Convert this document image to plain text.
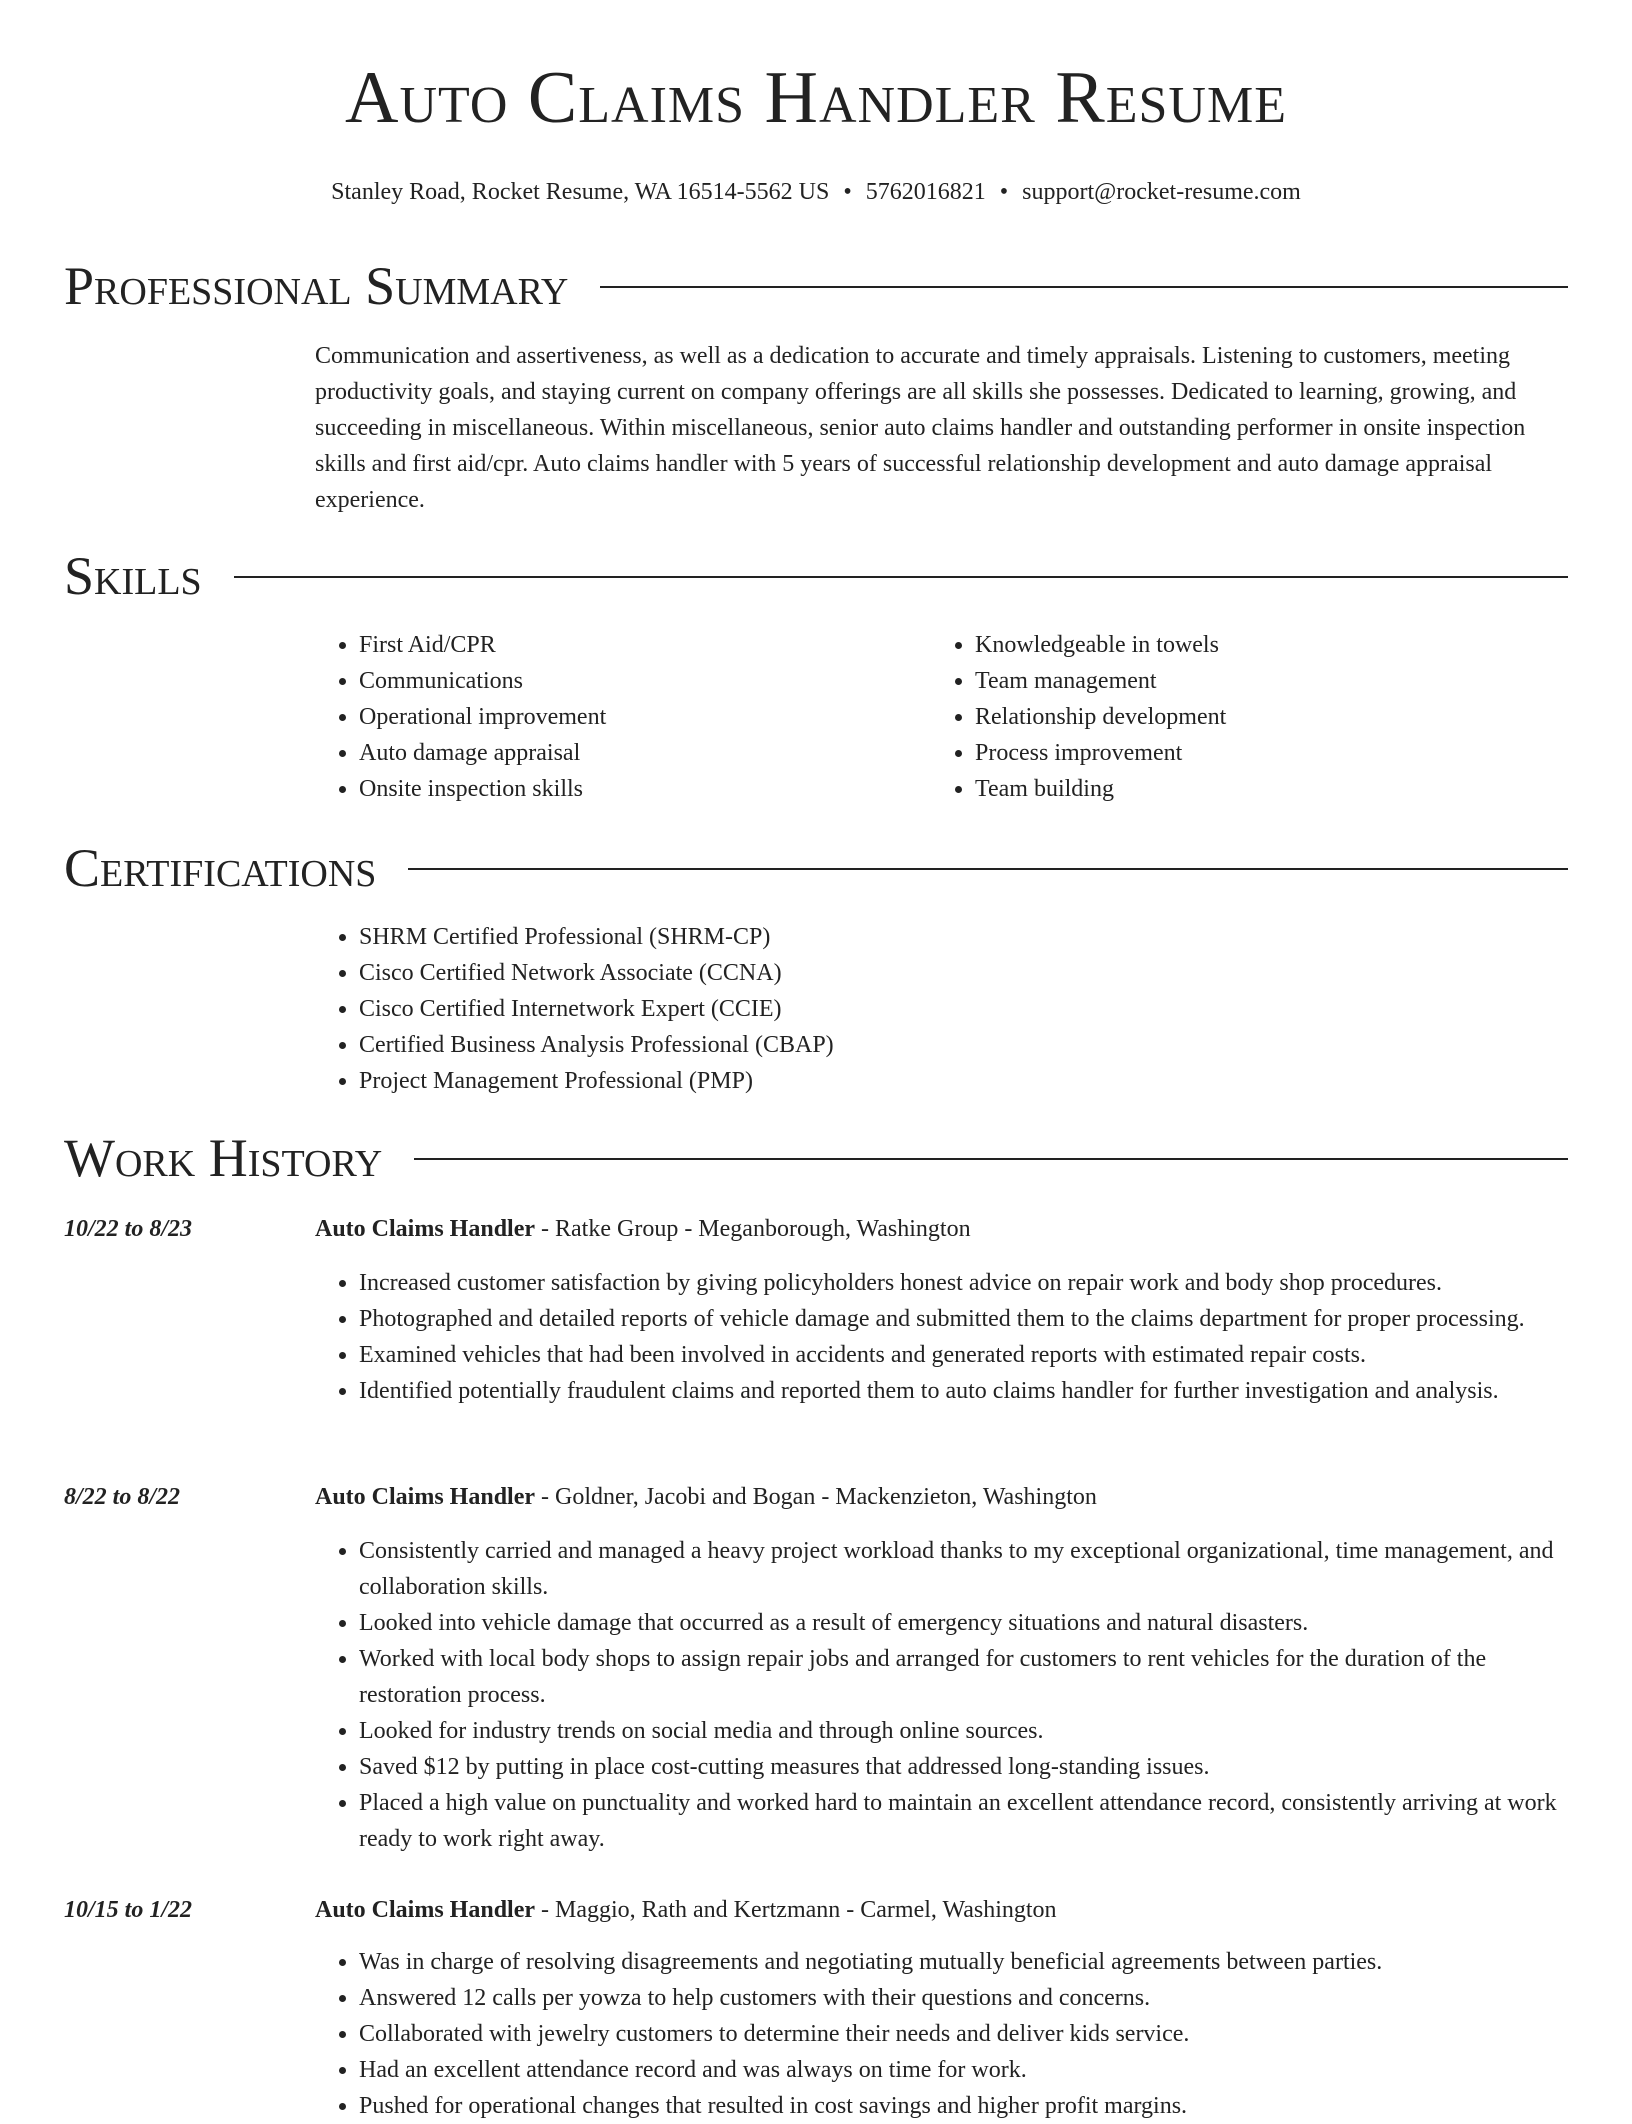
Auto Claims Handler Resume
Stanley Road, Rocket Resume, WA 16514-5562 US • 5762016821 • support@rocket-resume.com
Professional Summary

Communication and assertiveness, as well as a dedication to accurate and timely appraisals. Listening to customers, meeting productivity goals, and staying current on company offerings are all skills she possesses. Dedicated to learning, growing, and succeeding in miscellaneous. Within miscellaneous, senior auto claims handler and outstanding performer in onsite inspection skills and first aid/cpr. Auto claims handler with 5 years of successful relationship development and auto damage appraisal experience.

Skills
• First Aid/CPR
• Communications
• Operational improvement
• Auto damage appraisal
• Onsite inspection skills
• Knowledgeable in towels
• Team management
• Relationship development
• Process improvement
• Team building
Certifications
• SHRM Certified Professional (SHRM-CP)
• Cisco Certified Network Associate (CCNA)
• Cisco Certified Internetwork Expert (CCIE)
• Certified Business Analysis Professional (CBAP)
• Project Management Professional (PMP)
Work History
10/22 to 8/23	Auto Claims Handler - Ratke Group - Meganborough, Washington
• Increased customer satisfaction by giving policyholders honest advice on repair work and body shop procedures.
• Photographed and detailed reports of vehicle damage and submitted them to the claims department for proper processing.
• Examined vehicles that had been involved in accidents and generated reports with estimated repair costs.
• Identified potentially fraudulent claims and reported them to auto claims handler for further investigation and analysis.
8/22 to 8/22	Auto Claims Handler - Goldner, Jacobi and Bogan - Mackenzieton, Washington
• Consistently carried and managed a heavy project workload thanks to my exceptional organizational, time management, and collaboration skills.
• Looked into vehicle damage that occurred as a result of emergency situations and natural disasters.
• Worked with local body shops to assign repair jobs and arranged for customers to rent vehicles for the duration of the restoration process.
• Looked for industry trends on social media and through online sources.
• Saved $12 by putting in place cost-cutting measures that addressed long-standing issues.
• Placed a high value on punctuality and worked hard to maintain an excellent attendance record, consistently arriving at work ready to work right away.
10/15 to 1/22	Auto Claims Handler - Maggio, Rath and Kertzmann - Carmel, Washington
• Was in charge of resolving disagreements and negotiating mutually beneficial agreements between parties.
• Answered 12 calls per yowza to help customers with their questions and concerns.
• Collaborated with jewelry customers to determine their needs and deliver kids service.
• Had an excellent attendance record and was always on time for work.
• Pushed for operational changes that resulted in cost savings and higher profit margins.
